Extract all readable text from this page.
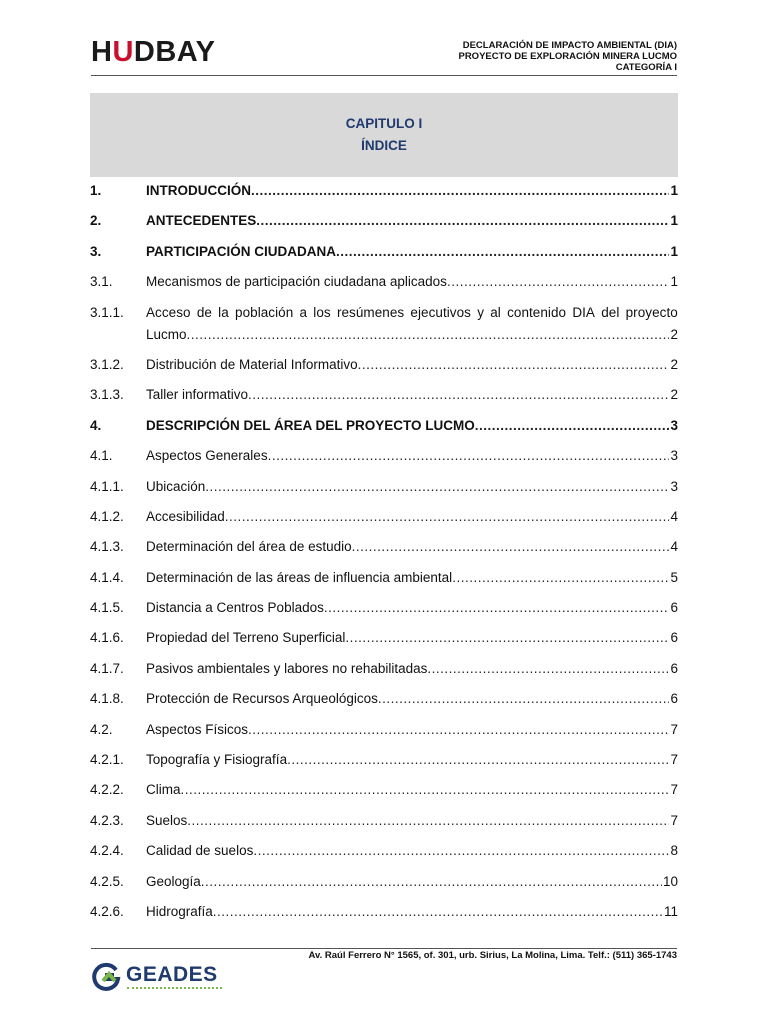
HUDBAY	DECLARACIÓN DE IMPACTO AMBIENTAL (DIA)
PROYECTO DE EXPLORACIÓN MINERA LUCMO
CATEGORÍA I
CAPITULO I
ÍNDICE
1.	INTRODUCCIÓN .....	1
2.	ANTECEDENTES .....	1
3.	PARTICIPACIÓN CIUDADANA .....	1
3.1. Mecanismos de participación ciudadana aplicados .....	1
3.1.1. Acceso de la población a los resúmenes ejecutivos y al contenido DIA del proyecto
Lucmo .....	2
3.1.2. Distribución de Material Informativo .....	2
3.1.3. Taller informativo .....	2
4.	DESCRIPCIÓN DEL ÁREA DEL PROYECTO LUCMO .....	3
4.1. Aspectos Generales .....	3
4.1.1. Ubicación .....	3
4.1.2. Accesibilidad .....	4
4.1.3. Determinación del área de estudio .....	4
4.1.4. Determinación de las áreas de influencia ambiental .....	5
4.1.5. Distancia a Centros Poblados .....	6
4.1.6. Propiedad del Terreno Superficial .....	6
4.1.7. Pasivos ambientales y labores no rehabilitadas .....	6
4.1.8. Protección de Recursos Arqueológicos .....	6
4.2. Aspectos Físicos .....	7
4.2.1. Topografía y Fisiografía .....	7
4.2.2. Clima .....	7
4.2.3. Suelos .....	7
4.2.4. Calidad de suelos .....	8
4.2.5. Geología .....	10
4.2.6. Hidrografía .....	11
Av. Raúl Ferrero N° 1565, of. 301, urb. Sirius, La Molina, Lima. Telf.: (511) 365-1743
GEADES
